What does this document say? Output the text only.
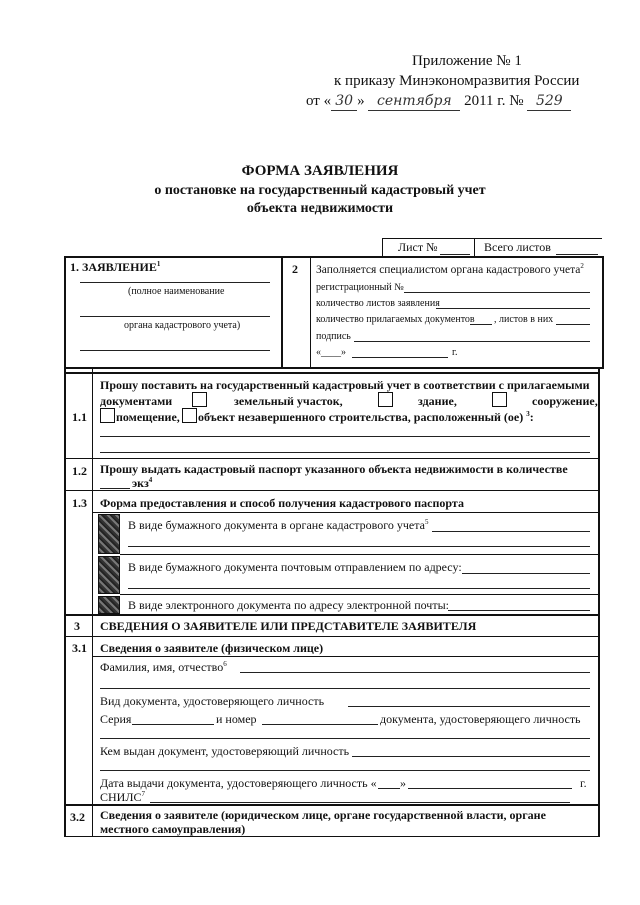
Приложение № 1
к приказу Минэкономразвития России
от « 30 » сентября 2011 г. № 529
ФОРМА ЗАЯВЛЕНИЯ
о постановке на государственный кадастровый учет
объекта недвижимости
Лист №	Всего листов
1. ЗАЯВЛЕНИЕ$^1$
(полное наименование
органа кадастрового учета)
2 Заполняется специалистом органа кадастрового учета$^2$
регистрационный №
количество листов заявления
количество прилагаемых документов , листов в них
подпись
«____»	г.
1.1
Прошу поставить на государственный кадастровый учет в соответствии с прилагаемыми
документами	земельный участок,	здание,	сооружение,
помещение, объект незавершенного строительства, расположенный (ое) $^3$:
1.2 Прошу выдать кадастровый паспорт указанного объекта недвижимости в количестве
экз$^4$
1.3 Форма предоставления и способ получения кадастрового паспорта
В виде бумажного документа в органе кадастрового учета$^5$
В виде бумажного документа почтовым отправлением по адресу:
В виде электронного документа по адресу электронной почты:
3 СВЕДЕНИЯ О ЗАЯВИТЕЛЕ ИЛИ ПРЕДСТАВИТЕЛЕ ЗАЯВИТЕЛЯ
3.1 Сведения о заявителе (физическом лице)
Фамилия, имя, отчество$^6$
Вид документа, удостоверяющего личность
Серия	и номер	документа, удостоверяющего личность
Кем выдан документ, удостоверяющий личность
Дата выдачи документа, удостоверяющего личность « »	г.
СНИЛС$^7$
3.2 Сведения о заявителе (юридическом лице, органе государственной власти, органе
местного самоуправления)
